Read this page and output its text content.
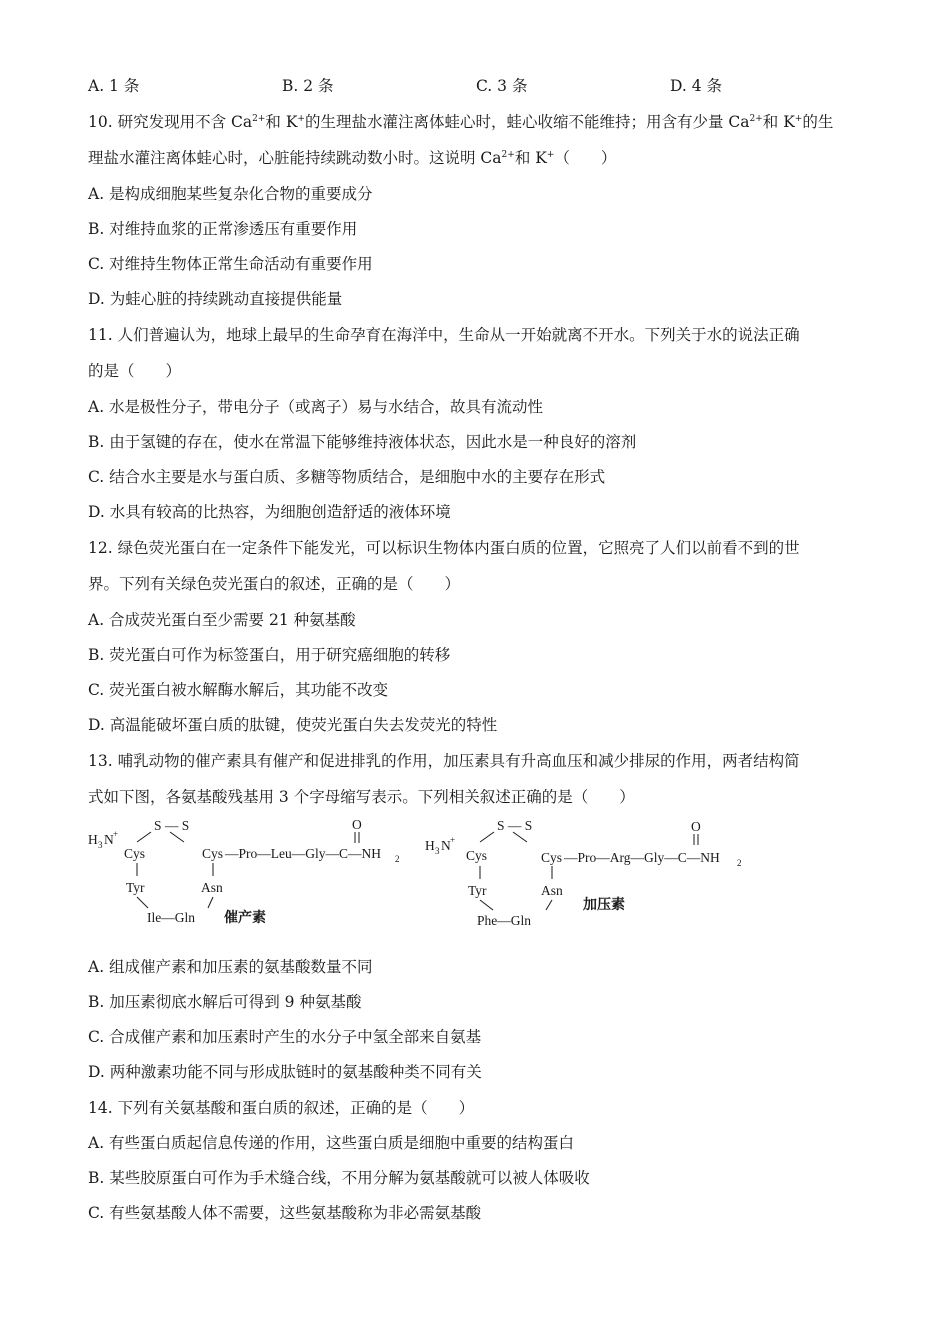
A. 1 条	B. 2 条	C. 3 条	D. 4 条
10. 研究发现用不含 $Ca^{2+}$和 K+的生理盐水灌注离体蛙心时，蛙心收缩不能维持；用含有少量 $Ca^{2+}$和 K+的生
理盐水灌注离体蛙心时，心脏能持续跳动数小时。这说明 $Ca^{2+}$和 K+（　　）
A. 是构成细胞某些复杂化合物的重要成分
B. 对维持血浆的正常渗透压有重要作用
C. 对维持生物体正常生命活动有重要作用
D. 为蛙心脏的持续跳动直接提供能量
11. 人们普遍认为，地球上最早的生命孕育在海洋中，生命从一开始就离不开水。下列关于水的说法正确
的是（　　）
A. 水是极性分子，带电分子（或离子）易与水结合，故具有流动性
B. 由于氢键的存在，使水在常温下能够维持液体状态，因此水是一种良好的溶剂
C. 结合水主要是水与蛋白质、多糖等物质结合，是细胞中水的主要存在形式
D. 水具有较高的比热容，为细胞创造舒适的液体环境
12. 绿色荧光蛋白在一定条件下能发光，可以标识生物体内蛋白质的位置，它照亮了人们以前看不到的世
界。下列有关绿色荧光蛋白的叙述，正确的是（　　）
A. 合成荧光蛋白至少需要 21 种氨基酸
B. 荧光蛋白可作为标签蛋白，用于研究癌细胞的转移
C. 荧光蛋白被水解酶水解后，其功能不改变
D. 高温能破坏蛋白质的肽键，使荧光蛋白失去发荧光的特性
13. 哺乳动物的催产素具有催产和促进排乳的作用，加压素具有升高血压和减少排尿的作用，两者结构简
式如下图，各氨基酸残基用 3 个字母缩写表示。下列相关叙述正确的是（　　）
H 3 N +
S — S
Cys	Cys —Pro—Leu—Gly—C—NH 2
O
Tyr	Asn
Ile—Gln 催产素
H 3 N +
S — S
Cys	Cys —Pro—Arg—Gly—C—NH 2
O
Tyr	Asn
Phe—Gln
加压素
A. 组成催产素和加压素的氨基酸数量不同
B. 加压素彻底水解后可得到 9 种氨基酸
C. 合成催产素和加压素时产生的水分子中氢全部来自氨基
D. 两种激素功能不同与形成肽链时的氨基酸种类不同有关
14. 下列有关氨基酸和蛋白质的叙述，正确的是（　　）
A. 有些蛋白质起信息传递的作用，这些蛋白质是细胞中重要的结构蛋白
B. 某些胶原蛋白可作为手术缝合线，不用分解为氨基酸就可以被人体吸收
C. 有些氨基酸人体不需要，这些氨基酸称为非必需氨基酸
